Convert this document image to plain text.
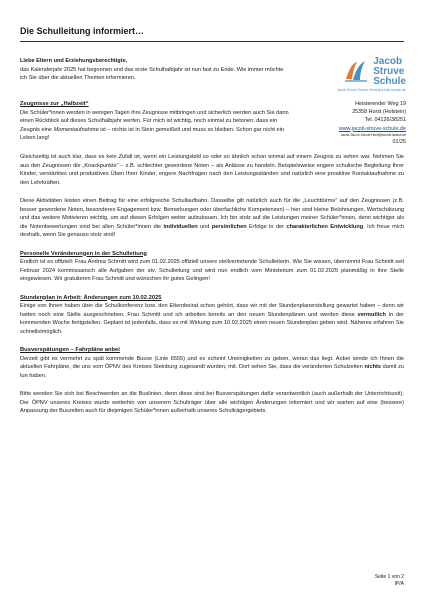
Die Schulleitung informiert…
Liebe Eltern und Erziehungsberechtigte,
das Kalenderjahr 2025 hat begonnen und das erste Schulhalbjahr ist nun fast zu Ende. Wie immer möchte ich Sie über die aktuellen Themen informieren.
Jacob
Struve
Schule
Jacob Struve Schule Horst@schule.landsh.de
Heisterender Weg 19
25358 Horst (Holstein)
Tel. 04126/38251
www.jacob-struve-schule.de
Jacob-Struve-Schule.Horst@schule.landsh.de
01/25
Zeugnisse zur „Halbzeit“
Die Schüler*innen werden in wenigen Tagen ihre Zeugnisse mitbringen und sicherlich werden auch Sie dann einen Rückblick auf dieses Schulhalbjahr werfen. Für mich ist wichtig, noch einmal zu betonen, dass ein Zeugnis eine Momentaufnahme ist – nichts ist in Stein gemeißelt und muss so bleiben. Schon gar nicht ein Leben lang!

Gleichzeitig ist auch klar, dass es kein Zufall ist, wenn ein Leistungsbild so oder so ähnlich schon einmal auf einem Zeugnis zu sehen war. Nehmen Sie aus den Zeugnissen die „Knackpunkte“ – z.B. schlechter gewordene Noten – als Anlässe zu handeln. Beispielsweise engere schulische Begleitung Ihrer Kinder, verstärktes und produktives Üben Ihrer Kinder, engere Nachfragen nach den Leistungsständen und natürlich eine proaktive Kontaktaufnahme zu den Lehrkräften.

Diese Aktivitäten leisten einen Beitrag für eine erfolgreiche Schullaufbahn. Dasselbe gilt natürlich auch für die „Leuchttürme“ auf den Zeugnissen (z.B. besser gewordene Noten, besonderes Engagement bzw. Bemerkungen oder überfachliche Kompetenzen) – hier sind kleine Belohnungen, Wertschätzung und das weitere Motivieren wichtig, um auf diesen Erfolgen weiter aufzubauen. Ich bin stolz auf die Leistungen meiner Schüler*innen, denn wichtiger als die Notenbewertungen sind bei allen Schüler*innen die individuellen und persönlichen Erfolge in der charakterlichen Entwicklung. Ich freue mich deshalb, wenn Sie genauso stolz sind!

Personelle Veränderungen in der Schulleitung

Endlich ist es offiziell: Frau Andrea Schmitt wird zum 01.02.2025 offiziell unsere stellvertretende Schulleiterin. Wie Sie wissen, übernimmt Frau Schmitt seit Februar 2024 kommissarisch alle Aufgaben der stv. Schulleitung und wird nun endlich vom Ministerium zum 01.02.2025 planmäßig in ihre Stelle eingewiesen. Wir gratulieren Frau Schmitt und wünschen ihr gutes Gelingen!

Stundenplan in Arbeit: Änderungen zum 10.02.2025

Einige von Ihnen haben über die Schulkonferenz bzw. den Elternbeirat schon gehört, dass wir mit der Stundenplanerstellung gewartet haben – denn wir hatten noch eine Stelle ausgeschrieben. Frau Schmitt und ich arbeiten bereits an den neuen Stundenplänen und werden diese vermutlich in der kommenden Woche fertigstellen. Geplant ist jedenfalls, dass es mit Wirkung zum 10.02.2025 einen neuen Stundenplan geben wird. Näheres erfahren Sie schnellstmöglich.

Busverspätungen – Fahrpläne anbei

Derzeit gibt es vermehrt zu spät kommende Busse (Linie 6555) und es scheint Uneinigkeiten zu geben, woran das liegt. Anbei sende ich Ihnen die aktuellen Fahrpläne, die uns vom ÖPNV des Kreises Steinburg zugesandt wurden, mit. Dort sehen Sie, dass die veränderten Schulzeiten nichts damit zu tun haben.

Bitte wenden Sie sich bei Beschwerden an die Buslinien, denn diese sind bei Busverspätungen dafür verantwortlich (auch außerhalb der Unterrichtszeit). Der ÖPNV unseres Kreises wurde weiterhin von unserem Schulträger über alle wichtigen Änderungen informiert und wir warten auf eine (bessere) Anpassung der Buszeiten auch für diejenigen Schüler*innen außerhalb unseres Schulträgergebiets.

Seite 1 von 2
IP/A
